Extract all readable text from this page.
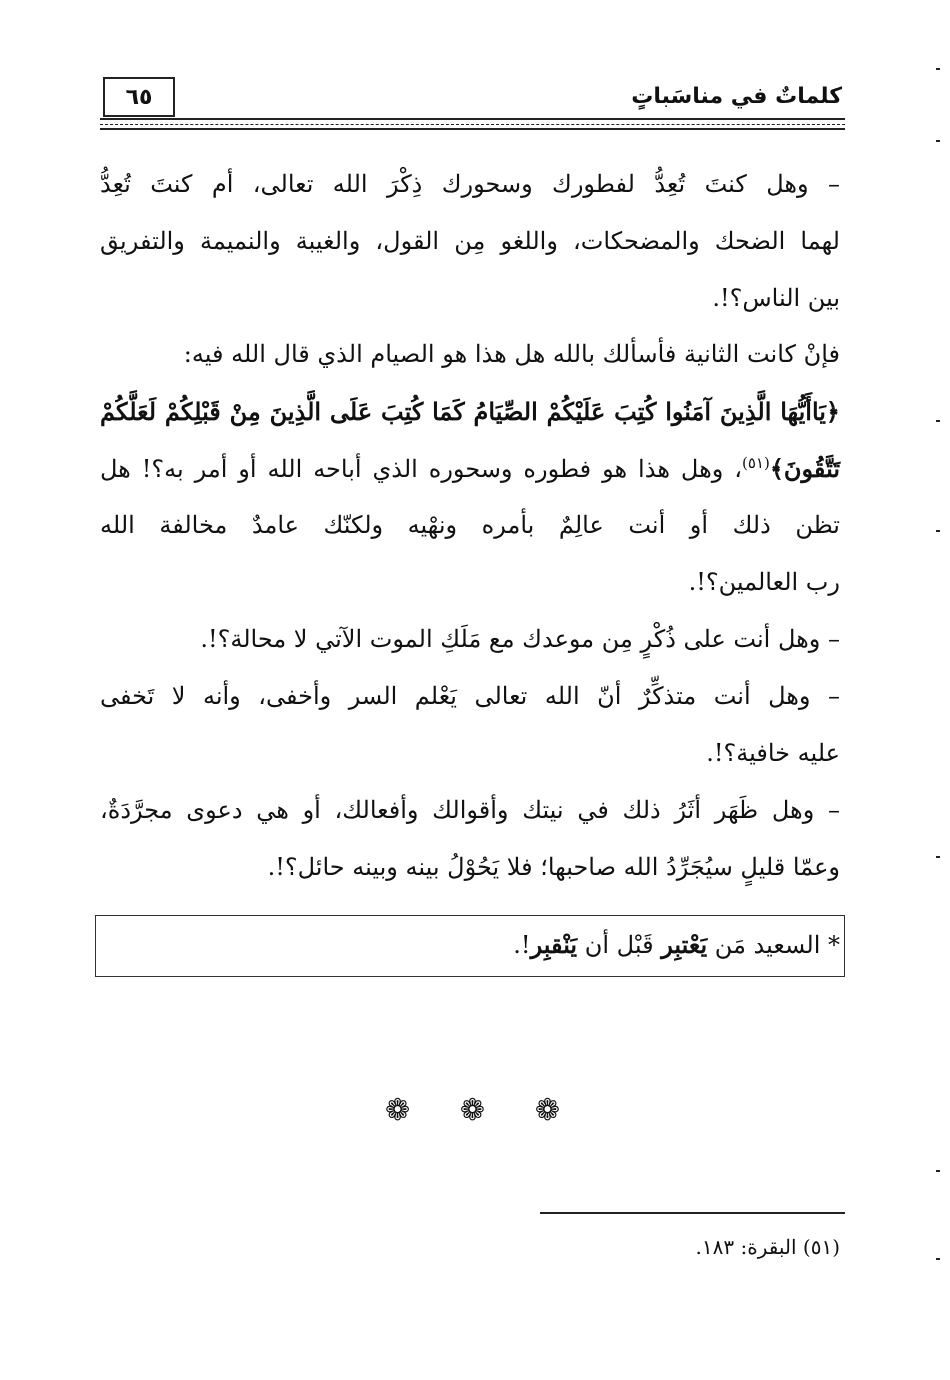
٦٥	كلماتٌ في مناسَباتٍ
– وهل كنتَ تُعِدُّ لفطورك وسحورك ذِكْرَ الله تعالى، أم كنتَ تُعِدُّ
لهما الضحك والمضحكات، واللغو مِن القول، والغيبة والنميمة والتفريق
بين الناس؟!.
فإنْ كانت الثانية فأسألك بالله هل هذا هو الصيام الذي قال الله فيه:
﴿يَاأَيُّهَا الَّذِينَ آمَنُوا كُتِبَ عَلَيْكُمْ الصِّيَامُ كَمَا كُتِبَ عَلَى الَّذِينَ مِنْ قَبْلِكُمْ لَعَلَّكُمْ
تَتَّقُونَ﴾$^{(٥١)}$، وهل هذا هو فطوره وسحوره الذي أباحه الله أو أمر به؟! هل
تظن ذلك أو أنت عالِمٌ بأمره ونهْيه ولكنّك عامدٌ مخالفة الله
رب العالمين؟!.
– وهل أنت على ذُكْرٍ مِن موعدك مع مَلَكِ الموت الآتي لا محالة؟!.
– وهل أنت متذكِّرٌ أنّ الله تعالى يَعْلم السر وأخفى، وأنه لا تَخفى
عليه خافية؟!.
– وهل ظَهَر أثَرُ ذلك في نيتك وأقوالك وأفعالك، أو هي دعوى مجرَّدَةٌ،
وعمّا قليلٍ سيُجَرِّدُ الله صاحبها؛ فلا يَحُوْلُ بينه وبينه حائل؟!.
* السعيد مَن يَعْتبِر قَبْل أن يَنْقبِر!.
❁ ❁ ❁
(٥١) البقرة: ١٨٣.
